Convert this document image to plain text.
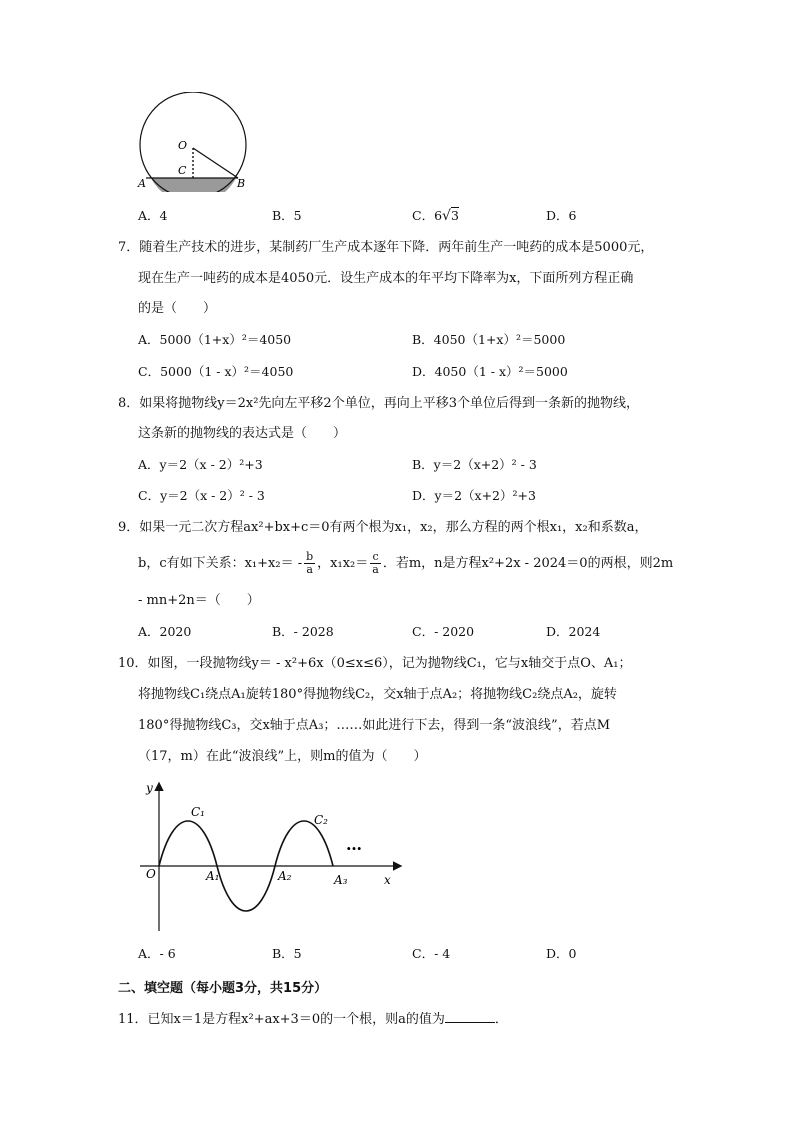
O
C
A	B
A．4	B．5	C．6√3	D．6
7．随着生产技术的进步，某制药厂生产成本逐年下降．两年前生产一吨药的成本是5000元，
现在生产一吨药的成本是4050元．设生产成本的年平均下降率为x，下面所列方程正确
的是（　　）
A．5000（1+x）²＝4050	B．4050（1+x）²＝5000
C．5000（1 - x）²＝4050	D．4050（1 - x）²＝5000
8．如果将抛物线y＝2x²先向左平移2个单位，再向上平移3个单位后得到一条新的抛物线，
这条新的抛物线的表达式是（　　）
A．y＝2（x - 2）²+3	B．y＝2（x+2）² - 3
C．y＝2（x - 2）² - 3	D．y＝2（x+2）²+3
9．如果一元二次方程ax²+bx+c＝0有两个根为x₁，x₂，那么方程的两个根x₁，x₂和系数a，
b，c有如下关系：$x_1+x_2= - \frac{b}{a}$ ，$x_1x_2= \frac{c}{a}$ ．若m，n是方程x²+2x - 2024＝0的两根，则2m
- mn+2n＝（　　）
A．2020	B．- 2028	C．- 2020	D．2024
10．如图，一段抛物线y＝ - x²+6x（0≤x≤6），记为抛物线C₁，它与x轴交于点O、A₁；
将抛物线C₁绕点A₁旋转180°得抛物线C₂，交x轴于点A₂；将抛物线C₂绕点A₂，旋转
180°得抛物线C₃，交x轴于点A₃；……如此进行下去，得到一条“波浪线”，若点M
（17，m）在此“波浪线”上，则m的值为（　　）
y
x
O
C₁
C₂
A₁	A₂	A₃
…
A．- 6	B．5	C．- 4	D．0
二、填空题（每小题3分，共15分）
11．已知x＝1是方程x²+ax+3＝0的一个根，则a的值为	．
